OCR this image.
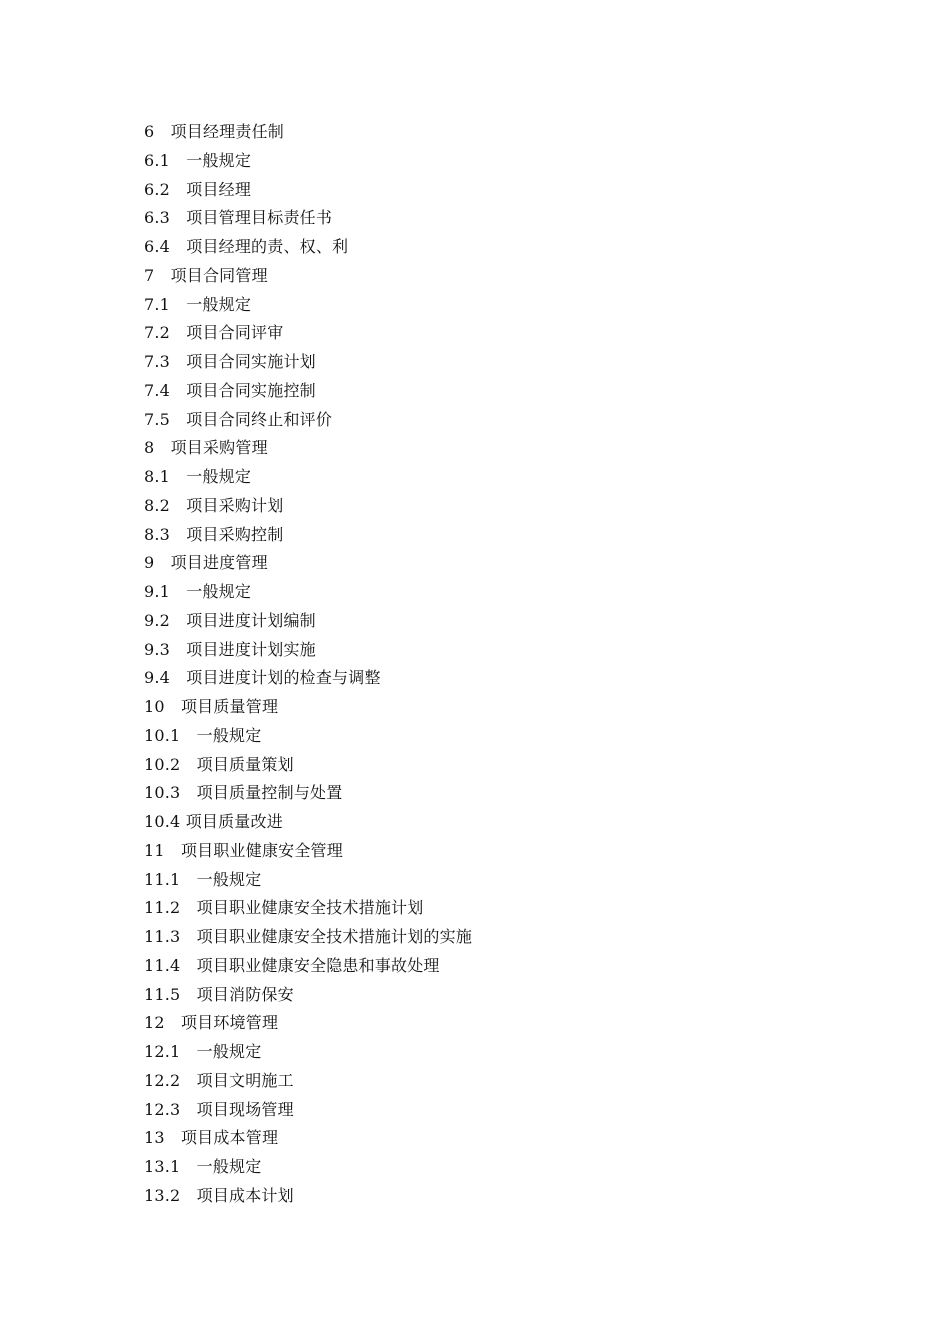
6　项目经理责任制
6.1　一般规定
6.2　项目经理
6.3　项目管理目标责任书
6.4　项目经理的责、权、利
7　项目合同管理
7.1　一般规定
7.2　项目合同评审
7.3　项目合同实施计划
7.4　项目合同实施控制
7.5　项目合同终止和评价
8　项目采购管理
8.1　一般规定
8.2　项目采购计划
8.3　项目采购控制
9　项目进度管理
9.1　一般规定
9.2　项目进度计划编制
9.3　项目进度计划实施
9.4　项目进度计划的检查与调整
10　项目质量管理
10.1　一般规定
10.2　项目质量策划
10.3　项目质量控制与处置
10.4 项目质量改进
11　项目职业健康安全管理
11.1　一般规定
11.2　项目职业健康安全技术措施计划
11.3　项目职业健康安全技术措施计划的实施
11.4　项目职业健康安全隐患和事故处理
11.5　项目消防保安
12　项目环境管理
12.1　一般规定
12.2　项目文明施工
12.3　项目现场管理
13　项目成本管理
13.1　一般规定
13.2　项目成本计划
